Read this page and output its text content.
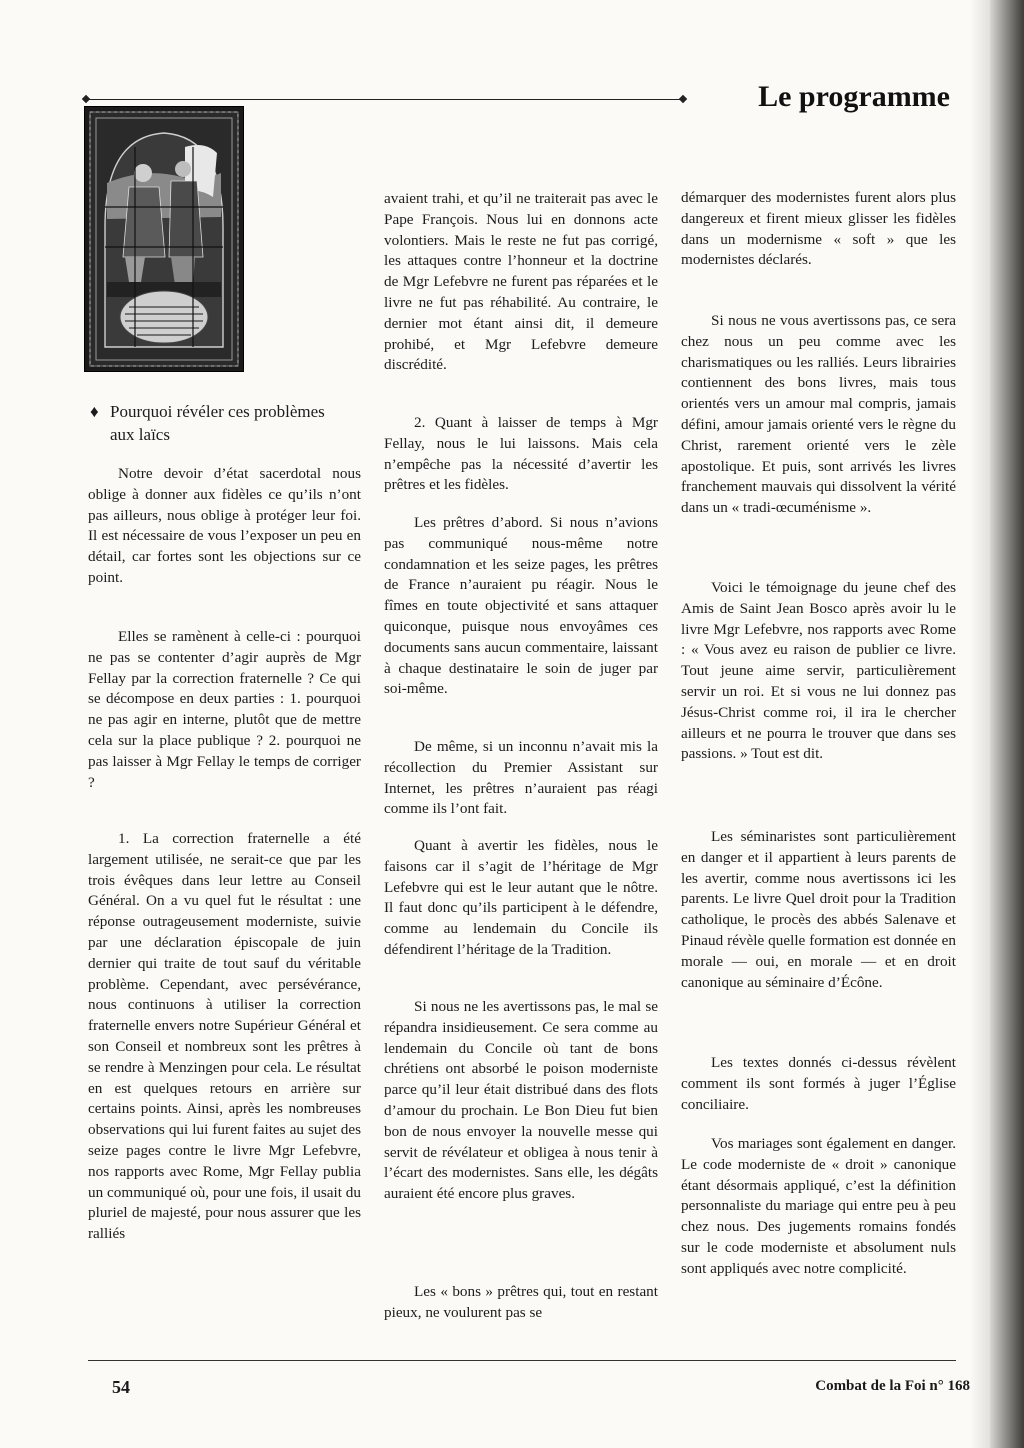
Le programme
♦ Pourquoi révéler ces problèmes aux laïcs

Notre devoir d’état sacerdotal nous oblige à donner aux fidèles ce qu’ils n’ont pas ailleurs, nous oblige à protéger leur foi. Il est nécessaire de vous l’exposer un peu en détail, car fortes sont les objections sur ce point.

Elles se ramènent à celle-ci : pourquoi ne pas se contenter d’agir auprès de Mgr Fellay par la correction fraternelle ? Ce qui se décompose en deux parties : 1. pourquoi ne pas agir en interne, plutôt que de mettre cela sur la place publique ? 2. pourquoi ne pas laisser à Mgr Fellay le temps de corriger ?

1. La correction fraternelle a été largement utilisée, ne serait-ce que par les trois évêques dans leur lettre au Conseil Général. On a vu quel fut le résultat : une réponse outrageusement moderniste, suivie par une déclaration épiscopale de juin dernier qui traite de tout sauf du véritable problème. Cependant, avec persévérance, nous continuons à utiliser la correction fraternelle envers notre Supérieur Général et son Conseil et nombreux sont les prêtres à se rendre à Menzingen pour cela. Le résultat en est quelques retours en arrière sur certains points. Ainsi, après les nombreuses observations qui lui furent faites au sujet des seize pages contre le livre Mgr Lefebvre, nos rapports avec Rome, Mgr Fellay publia un communiqué où, pour une fois, il usait du pluriel de majesté, pour nous assurer que les ralliés

avaient trahi, et qu’il ne traiterait pas avec le Pape François. Nous lui en donnons acte volontiers. Mais le reste ne fut pas corrigé, les attaques contre l’honneur et la doctrine de Mgr Lefebvre ne furent pas réparées et le livre ne fut pas réhabilité. Au contraire, le dernier mot étant ainsi dit, il demeure prohibé, et Mgr Lefebvre demeure discrédité.

2. Quant à laisser de temps à Mgr Fellay, nous le lui laissons. Mais cela n’empêche pas la nécessité d’avertir les prêtres et les fidèles.

Les prêtres d’abord. Si nous n’avions pas communiqué nous-même notre condamnation et les seize pages, les prêtres de France n’auraient pu réagir. Nous le fîmes en toute objectivité et sans attaquer quiconque, puisque nous envoyâmes ces documents sans aucun commentaire, laissant à chaque destinataire le soin de juger par soi-même.

De même, si un inconnu n’avait mis la récollection du Premier Assistant sur Internet, les prêtres n’auraient pas réagi comme ils l’ont fait.

Quant à avertir les fidèles, nous le faisons car il s’agit de l’héritage de Mgr Lefebvre qui est le leur autant que le nôtre. Il faut donc qu’ils participent à le défendre, comme au lendemain du Concile ils défendirent l’héritage de la Tradition.

Si nous ne les avertissons pas, le mal se répandra insidieusement. Ce sera comme au lendemain du Concile où tant de bons chrétiens ont absorbé le poison moderniste parce qu’il leur était distribué dans des flots d’amour du prochain. Le Bon Dieu fut bien bon de nous envoyer la nouvelle messe qui servit de révélateur et obligea à nous tenir à l’écart des modernistes. Sans elle, les dégâts auraient été encore plus graves.

Les « bons » prêtres qui, tout en restant pieux, ne voulurent pas se

démarquer des modernistes furent alors plus dangereux et firent mieux glisser les fidèles dans un modernisme « soft » que les modernistes déclarés.

Si nous ne vous avertissons pas, ce sera chez nous un peu comme avec les charismatiques ou les ralliés. Leurs librairies contiennent des bons livres, mais tous orientés vers un amour mal compris, jamais défini, amour jamais orienté vers le règne du Christ, rarement orienté vers le zèle apostolique. Et puis, sont arrivés les livres franchement mauvais qui dissolvent la vérité dans un « tradi-œcuménisme ».

Voici le témoignage du jeune chef des Amis de Saint Jean Bosco après avoir lu le livre Mgr Lefebvre, nos rapports avec Rome : « Vous avez eu raison de publier ce livre. Tout jeune aime servir, particulièrement servir un roi. Et si vous ne lui donnez pas Jésus-Christ comme roi, il ira le chercher ailleurs et ne pourra le trouver que dans ses passions. » Tout est dit.

Les séminaristes sont particulièrement en danger et il appartient à leurs parents de les avertir, comme nous avertissons ici les parents. Le livre Quel droit pour la Tradition catholique, le procès des abbés Salenave et Pinaud révèle quelle formation est donnée en morale — oui, en morale — et en droit canonique au séminaire d’Écône.

Les textes donnés ci-dessus révèlent comment ils sont formés à juger l’Église conciliaire.

Vos mariages sont également en danger. Le code moderniste de « droit » canonique étant désormais appliqué, c’est la définition personnaliste du mariage qui entre peu à peu chez nous. Des jugements romains fondés sur le code moderniste et absolument nuls sont appliqués avec notre complicité.

54	Combat de la Foi n° 168
